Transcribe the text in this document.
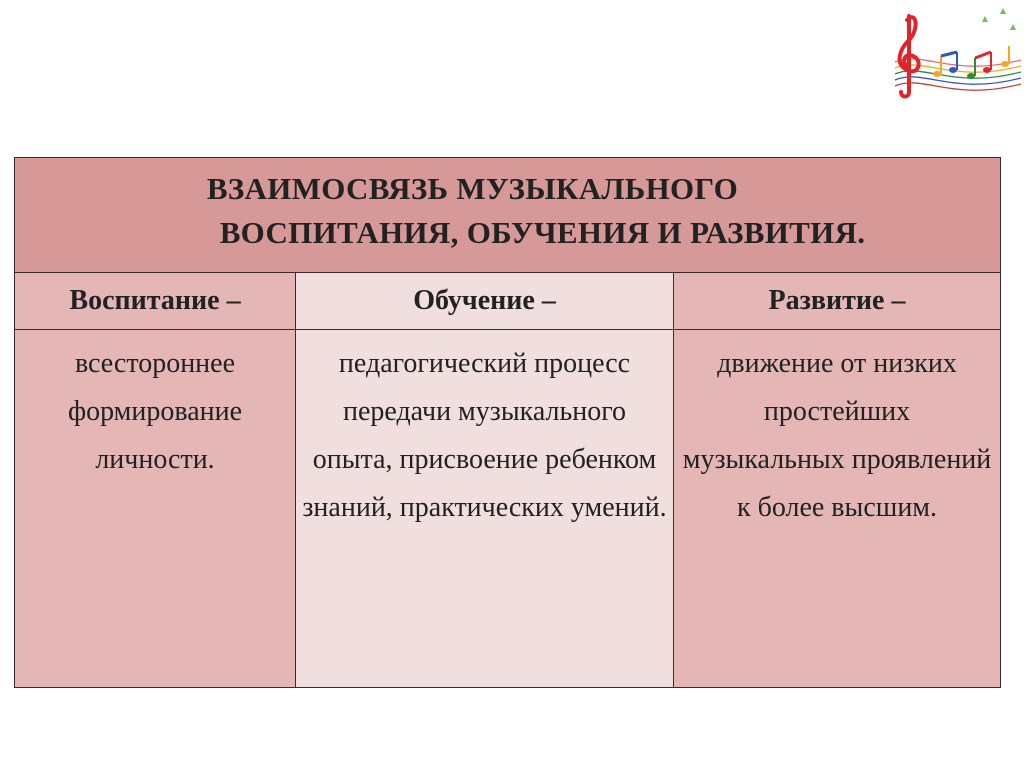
ВЗАИМОСВЯЗЬ МУЗЫКАЛЬНОГО
ВОСПИТАНИЯ, ОБУЧЕНИЯ И РАЗВИТИЯ.		

Воспитание –	Обучение –	Развитие –

всестороннее формирование личности.	педагогический процесс передачи музыкального опыта, присвоение ребенком знаний, практических умений.	движение от низких простейших музыкальных проявлений к более высшим.
